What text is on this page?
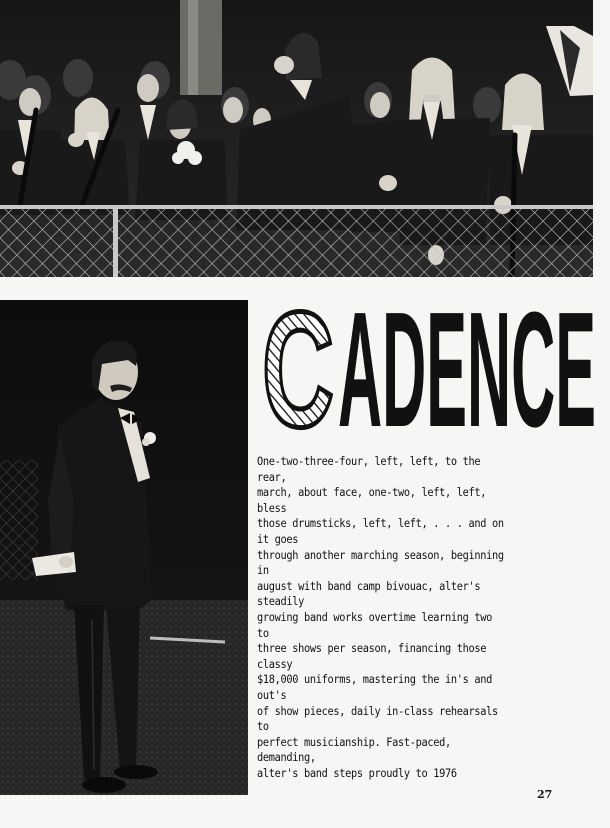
C ADENCE

One-two-three-four, left, left, to the rear,
march, about face, one-two, left, left, bless
those drumsticks, left, left, . . . and on it goes
through another marching season, beginning in
august with band camp bivouac, alter's steadily
growing band works overtime learning two to
three shows per season, financing those classy
$18,000 uniforms, mastering the in's and out's
of show pieces, daily in-class rehearsals to
perfect musicianship. Fast-paced, demanding,
alter's band steps proudly to 1976

27
